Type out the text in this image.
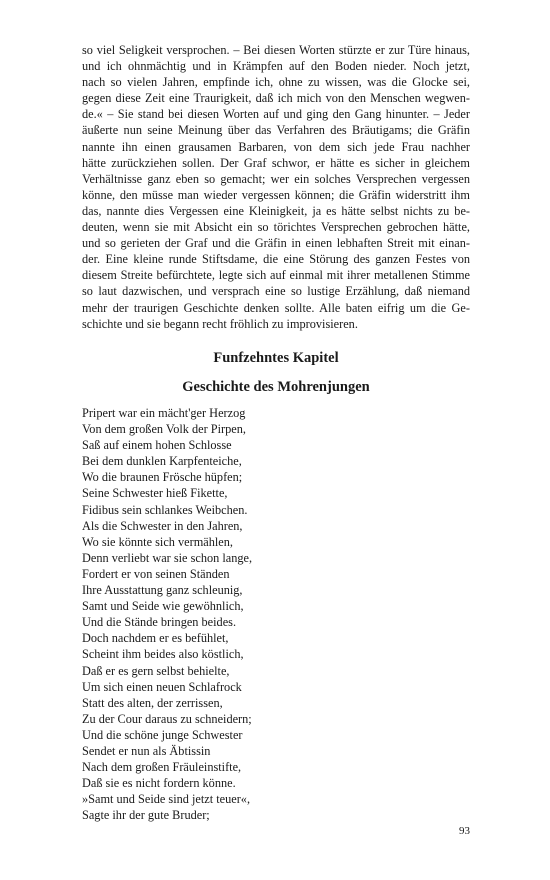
so viel Seligkeit versprochen. – Bei diesen Worten stürzte er zur Türe hinaus,
und ich ohnmächtig und in Krämpfen auf den Boden nieder. Noch jetzt,
nach so vielen Jahren, empfinde ich, ohne zu wissen, was die Glocke sei,
gegen diese Zeit eine Traurigkeit, daß ich mich von den Menschen wegwen-
de.« – Sie stand bei diesen Worten auf und ging den Gang hinunter. – Jeder
äußerte nun seine Meinung über das Verfahren des Bräutigams; die Gräfin
nannte ihn einen grausamen Barbaren, von dem sich jede Frau nachher
hätte zurückziehen sollen. Der Graf schwor, er hätte es sicher in gleichem
Verhältnisse ganz eben so gemacht; wer ein solches Versprechen vergessen
könne, den müsse man wieder vergessen können; die Gräfin widerstritt ihm
das, nannte dies Vergessen eine Kleinigkeit, ja es hätte selbst nichts zu be-
deuten, wenn sie mit Absicht ein so törichtes Versprechen gebrochen hätte,
und so gerieten der Graf und die Gräfin in einen lebhaften Streit mit einan-
der. Eine kleine runde Stiftsdame, die eine Störung des ganzen Festes von
diesem Streite befürchtete, legte sich auf einmal mit ihrer metallenen Stimme
so laut dazwischen, und versprach eine so lustige Erzählung, daß niemand
mehr der traurigen Geschichte denken sollte. Alle baten eifrig um die Ge-
schichte und sie begann recht fröhlich zu improvisieren.

Funfzehntes Kapitel
Geschichte des Mohrenjungen
Pripert war ein mächt'ger Herzog
Von dem großen Volk der Pirpen,
Saß auf einem hohen Schlosse
Bei dem dunklen Karpfenteiche,
Wo die braunen Frösche hüpfen;
Seine Schwester hieß Fikette,
Fidibus sein schlankes Weibchen.
Als die Schwester in den Jahren,
Wo sie könnte sich vermählen,
Denn verliebt war sie schon lange,
Fordert er von seinen Ständen
Ihre Ausstattung ganz schleunig,
Samt und Seide wie gewöhnlich,
Und die Stände bringen beides.
Doch nachdem er es befühlet,
Scheint ihm beides also köstlich,
Daß er es gern selbst behielte,
Um sich einen neuen Schlafrock
Statt des alten, der zerrissen,
Zu der Cour daraus zu schneidern;
Und die schöne junge Schwester
Sendet er nun als Äbtissin
Nach dem großen Fräuleinstifte,
Daß sie es nicht fordern könne.
»Samt und Seide sind jetzt teuer«,
Sagte ihr der gute Bruder;
93
